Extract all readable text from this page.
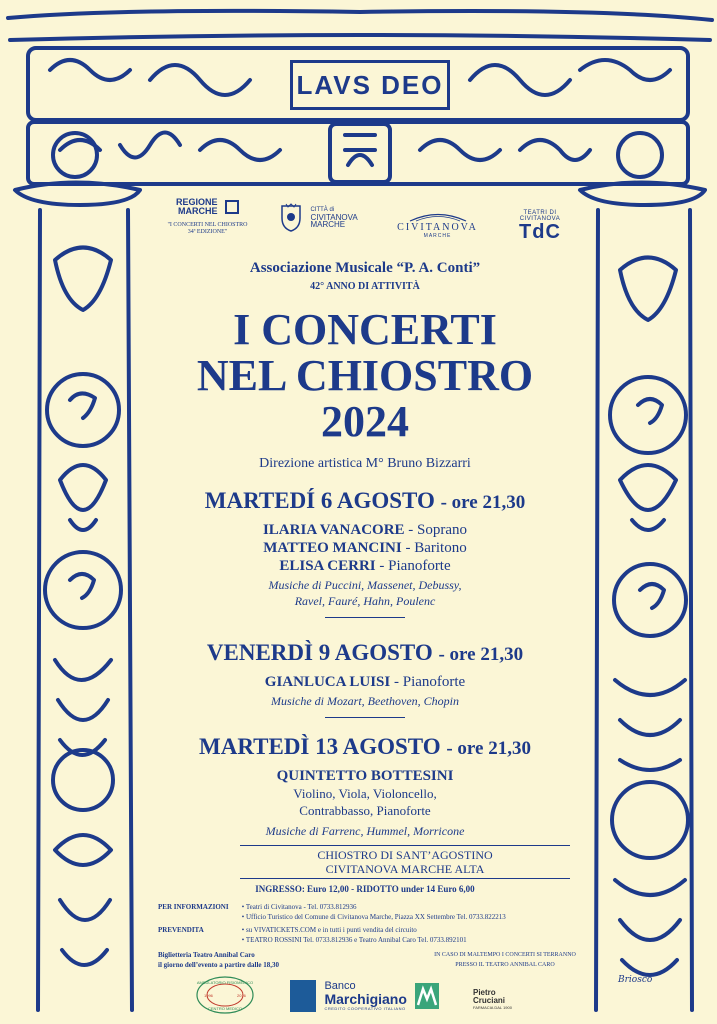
LAVS DEO
REGIONE
MARCHE

"I CONCERTI NEL CHIOSTRO
34ª EDIZIONE"

CITTÀ di
CIVITANOVA
MARCHE	CIVITANOVA
MARCHE
TEATRI DI CIVITANOVA
TdC
Associazione Musicale “P. A. Conti”
42° ANNO DI ATTIVITÀ
I CONCERTI
NEL CHIOSTRO
2024
Direzione artistica M° Bruno Bizzarri
MARTEDÍ 6 AGOSTO - ore 21,30
ILARIA VANACORE - Soprano
MATTEO MANCINI - Baritono
ELISA CERRI - Pianoforte
Musiche di Puccini, Massenet, Debussy,
Ravel, Fauré, Hahn, Poulenc
VENERDÌ 9 AGOSTO - ore 21,30
GIANLUCA LUISI - Pianoforte
Musiche di Mozart, Beethoven, Chopin
MARTEDÌ 13 AGOSTO - ore 21,30
QUINTETTO BOTTESINI
Violino, Viola, Violoncello,
Contrabbasso, Pianoforte
Musiche di Farrenc, Hummel, Morricone
CHIOSTRO DI SANT’AGOSTINO
CIVITANOVA MARCHE ALTA
INGRESSO: Euro 12,00 - RIDOTTO under 14 Euro 6,00
PER INFORMAZIONI • Teatri di Civitanova - Tel. 0733.812936
• Ufficio Turistico del Comune di Civitanova Marche, Piazza XX Settembre Tel. 0733.822213
PREVENDITA	• su VIVATICKETS.COM e in tutti i punti vendita del circuito
• TEATRO ROSSINI Tel. 0733.812936 e Teatro Annibal Caro Tel. 0733.892101
Biglietteria Teatro Annibal Caro
il giorno dell’evento a partire dalle 18,30
IN CASO DI MALTEMPO I CONCERTI SI TERRANNO
PRESSO IL TEATRO ANNIBAL CARO
AMBULATORIO FISIOMEDICO
1996	2016
CENTRO MEDICO

Banco
Marchigiano
CREDITO COOPERATIVO ITALIANO

Pietro
Cruciani
FARMACIA DAL 1900
Briosco
